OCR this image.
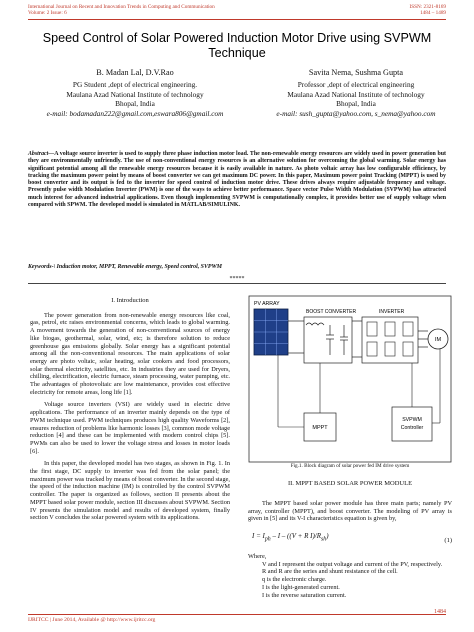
International Journal on Recent and Innovation Trends in Computing and Communication
Volume: 2 Issue: 6
ISSN: 2321-8169
1484 – 1489
Speed Control of Solar Powered Induction Motor Drive using SVPWM Technique
B. Madan Lal, D.V.Rao
PG Student ,dept of electrical engineering.
Maulana Azad National Institute of technology
Bhopal, India
e-mail: bodamadan222@gmail.com,eswara806@gmail.com
Savita Nema, Sushma Gupta
Professor ,dept of electrical engineering
Maulana Azad National Institute of technology
Bhopal, India
e-mail: sush_gupta@yahoo.com, s_nema@yahoo.com
Abstract—A voltage source inverter is used to supply three phase induction motor load. The non-renewable energy resources are widely used in power generation but they are environmentally unfriendly. The use of non-conventional energy resources is an alternative solution for overcoming the global warming. Solar energy has significant potential among all the renewable energy resources because it is easily available in nature. As photo voltaic array has low configurable efficiency, by tracking the maximum power point by means of boost converter we can get maximum DC power. In this paper, Maximum power point Tracking (MPPT) is used by boost converter and its output is fed to the inverter for speed control of induction motor drive. These drives always require adjustable frequency and voltage. Presently pulse width Modulation Inverter (PWM) is one of the ways to achieve better performance. Space vector Pulse Width Modulation (SVPWM) has attracted much interest for advanced industrial applications. Even though implementing SVPWM is computationally complex, it provides better use of supply voltage when compared with SPWM. The developed model is simulated in MATLAB/SIMULINK.
Keywords-\ Induction motor, MPPT, Renewable energy, Speed control, SVPWM
*****
I. Introduction

The power generation from non-renewable energy resources like coal, gas, petrol, etc raises environmental concerns, which leads to global warming. A movement towards the generation of non-conventional sources of energy like biogas, geothermal, solar, wind, etc; is therefore solution to reduce greenhouse gas emissions globally. Solar energy has a significant potential among all the non-conventional resources. The main applications of solar energy are photo voltaic, solar heating, solar cookers and food processors, solar thermal electricity, satellites, etc. In industries they are used for Dryers, chilling, electrification, electric furnace, steam processing, water pumping, etc. The advantages of photovoltaic are low maintenance, provides cost effective electricity for remote areas, long life [1].

Voltage source inverters (VSI) are widely used in electric drive applications. The performance of an inverter mainly depends on the type of PWM technique used. PWM techniques produces high quality Waveforms [2], ensures reduction of problems like harmonic losses [3], common mode voltage reduction [4] and these can be implemented with modern control chips [5]. PWMs can also be used to lower the voltage stress and losses in motor loads [6].

In this paper, the developed model has two stages, as shown in Fig. 1. In the first stage, DC supply to inverter was fed from the solar panel; the maximum power was tracked by means of boost converter. In the second stage, the speed of the induction machine (IM) is controlled by the control SVPWM controller. The paper is organized as follows, section II presents about the MPPT based solar power module, section III discusses about SVPWM. Section IV presents the simulation model and results of developed system, finally section V concludes the solar powered system with its applications.

PV ARRAY
BOOST CONVERTER	INVERTER
IM
MPPT
SVPWM
Controller
Fig.1. Block diagram of solar power fed IM drive system
II. MPPT BASED SOLAR POWER MODULE

The MPPT based solar power module has three main parts; namely PV array, controller (MPPT), and boost converter. The modeling of PV array is given in [5] and its V-I characteristics equation is given by,

$I = I_{ph} - I - ((V + R$ $I)/R_{sh}$)
(1)

Where,

V and I represent the output voltage and current of the PV, respectively.

R and R are the series and shunt resistance of the cell.

q is the electronic charge.

I is the light-generated current.

I is the reverse saturation current.

1484
IJRITCC | June 2014, Available @ http://www.ijritcc.org
